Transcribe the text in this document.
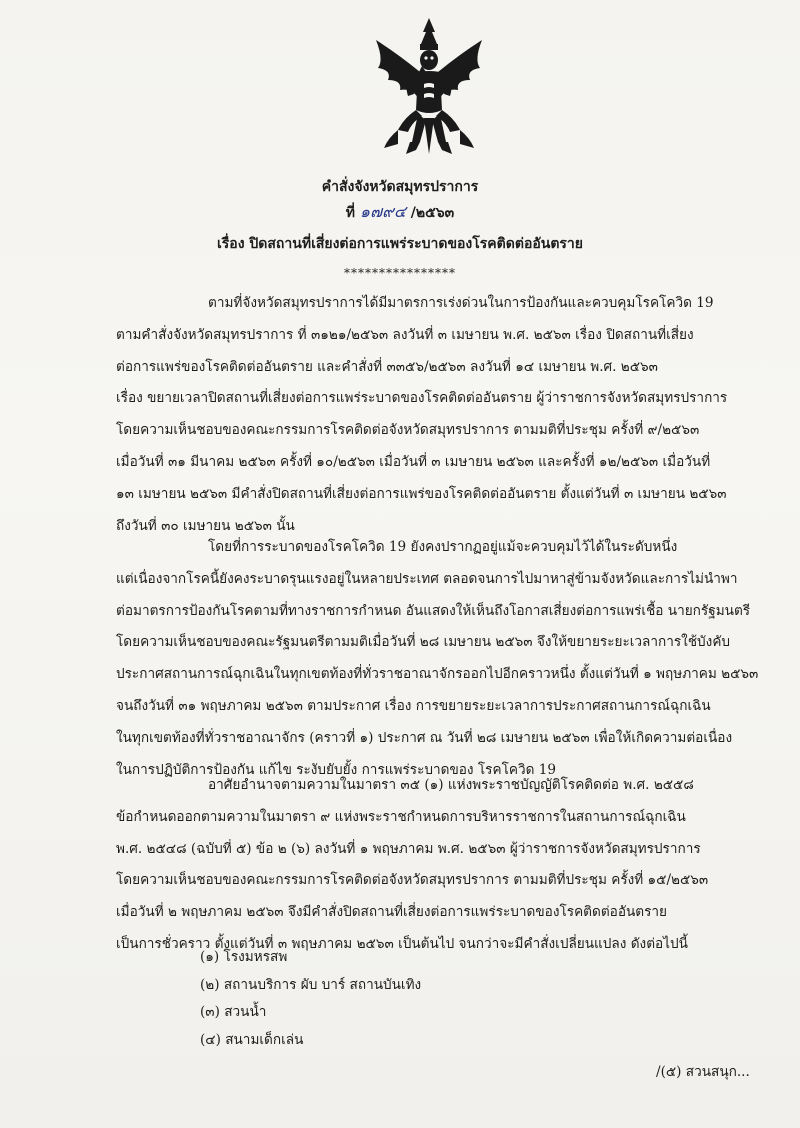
คำสั่งจังหวัดสมุทรปราการ
ที่ ๑๗๙๔ /๒๕๖๓
เรื่อง ปิดสถานที่เสี่ยงต่อการแพร่ระบาดของโรคติดต่ออันตราย
****************
ตามที่จังหวัดสมุทรปราการได้มีมาตรการเร่งด่วนในการป้องกันและควบคุมโรคโควิด 19
ตามคำสั่งจังหวัดสมุทรปราการ ที่ ๓๑๒๑/๒๕๖๓ ลงวันที่ ๓ เมษายน พ.ศ. ๒๕๖๓ เรื่อง ปิดสถานที่เสี่ยง
ต่อการแพร่ของโรคติดต่ออันตราย และคำสั่งที่ ๓๓๕๖/๒๕๖๓ ลงวันที่ ๑๔ เมษายน พ.ศ. ๒๕๖๓
เรื่อง ขยายเวลาปิดสถานที่เสี่ยงต่อการแพร่ระบาดของโรคติดต่ออันตราย ผู้ว่าราชการจังหวัดสมุทรปราการ
โดยความเห็นชอบของคณะกรรมการโรคติดต่อจังหวัดสมุทรปราการ ตามมติที่ประชุม ครั้งที่ ๙/๒๕๖๓
เมื่อวันที่ ๓๑ มีนาคม ๒๕๖๓ ครั้งที่ ๑๐/๒๕๖๓ เมื่อวันที่ ๓ เมษายน ๒๕๖๓ และครั้งที่ ๑๒/๒๕๖๓ เมื่อวันที่
๑๓ เมษายน ๒๕๖๓ มีคำสั่งปิดสถานที่เสี่ยงต่อการแพร่ของโรคติดต่ออันตราย ตั้งแต่วันที่ ๓ เมษายน ๒๕๖๓
ถึงวันที่ ๓๐ เมษายน ๒๕๖๓ นั้น
โดยที่การระบาดของโรคโควิด 19 ยังคงปรากฏอยู่แม้จะควบคุมไว้ได้ในระดับหนึ่ง
แต่เนื่องจากโรคนี้ยังคงระบาดรุนแรงอยู่ในหลายประเทศ ตลอดจนการไปมาหาสู่ข้ามจังหวัดและการไม่นำพา
ต่อมาตรการป้องกันโรคตามที่ทางราชการกำหนด อันแสดงให้เห็นถึงโอกาสเสี่ยงต่อการแพร่เชื้อ นายกรัฐมนตรี
โดยความเห็นชอบของคณะรัฐมนตรีตามมติเมื่อวันที่ ๒๘ เมษายน ๒๕๖๓ จึงให้ขยายระยะเวลาการใช้บังคับ
ประกาศสถานการณ์ฉุกเฉินในทุกเขตท้องที่ทั่วราชอาณาจักรออกไปอีกคราวหนึ่ง ตั้งแต่วันที่ ๑ พฤษภาคม ๒๕๖๓
จนถึงวันที่ ๓๑ พฤษภาคม ๒๕๖๓ ตามประกาศ เรื่อง การขยายระยะเวลาการประกาศสถานการณ์ฉุกเฉิน
ในทุกเขตท้องที่ทั่วราชอาณาจักร (คราวที่ ๑) ประกาศ ณ วันที่ ๒๘ เมษายน ๒๕๖๓ เพื่อให้เกิดความต่อเนื่อง
ในการปฏิบัติการป้องกัน แก้ไข ระงับยับยั้ง การแพร่ระบาดของ โรคโควิด 19
อาศัยอำนาจตามความในมาตรา ๓๕ (๑) แห่งพระราชบัญญัติโรคติดต่อ พ.ศ. ๒๕๕๘
ข้อกำหนดออกตามความในมาตรา ๙ แห่งพระราชกำหนดการบริหารราชการในสถานการณ์ฉุกเฉิน
พ.ศ. ๒๕๔๘ (ฉบับที่ ๕) ข้อ ๒ (๖) ลงวันที่ ๑ พฤษภาคม พ.ศ. ๒๕๖๓ ผู้ว่าราชการจังหวัดสมุทรปราการ
โดยความเห็นชอบของคณะกรรมการโรคติดต่อจังหวัดสมุทรปราการ ตามมติที่ประชุม ครั้งที่ ๑๕/๒๕๖๓
เมื่อวันที่ ๒ พฤษภาคม ๒๕๖๓ จึงมีคำสั่งปิดสถานที่เสี่ยงต่อการแพร่ระบาดของโรคติดต่ออันตราย
เป็นการชั่วคราว ตั้งแต่วันที่ ๓ พฤษภาคม ๒๕๖๓ เป็นต้นไป จนกว่าจะมีคำสั่งเปลี่ยนแปลง ดังต่อไปนี้
(๑) โรงมหรสพ
(๒) สถานบริการ ผับ บาร์ สถานบันเทิง
(๓) สวนน้ำ
(๔) สนามเด็กเล่น
/(๕) สวนสนุก...
